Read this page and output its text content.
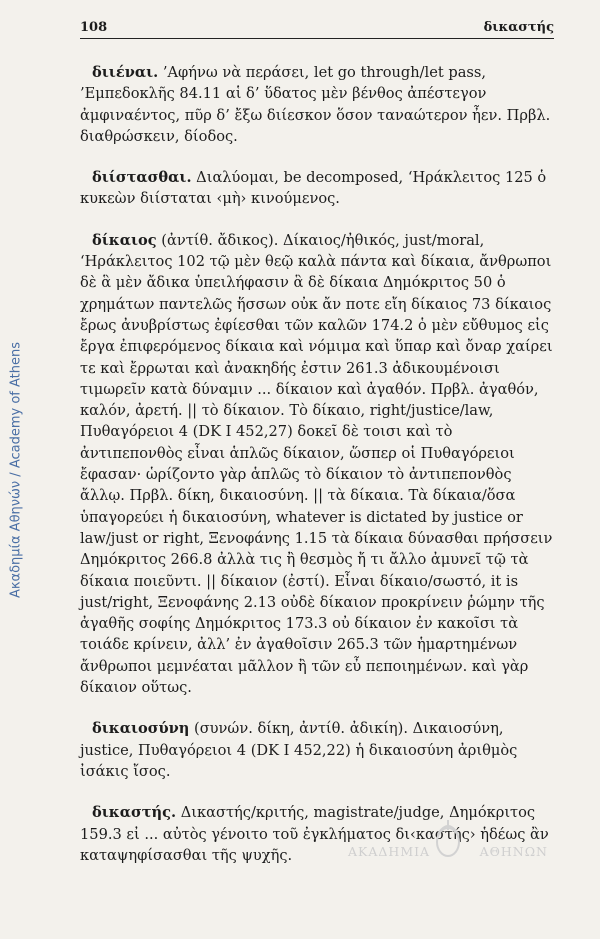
Ακαδημία Αθηνών / Academy of Athens
108	δικαστής

διιέναι. ’Αφήνω νὰ περάσει, let go through/let pass, ’Εμπεδοκλῆς 84.11 αἱ δ’ ὕδατος μὲν βένθος ἀπέστεγον ἀμφιναέντος, πῦρ δ’ ἔξω διίεσκον ὅσον ταναώτερον ἦεν. Πρβλ. διαθρώσκειν, δίοδος.

διίστασθαι. Διαλύομαι, be decomposed, ‘Ηράκλειτος 125 ὁ κυκεὼν διίσταται ‹μὴ› κινούμενος.

δίκαιος (ἀντίθ. ἄδικος). Δίκαιος/ἠθικός, just/moral, ‘Ηράκλειτος 102 τῷ μὲν θεῷ καλὰ πάντα καὶ δίκαια, ἄνθρωποι δὲ ἃ μὲν ἄδικα ὑπειλήφασιν ἃ δὲ δίκαια Δημόκριτος 50 ὁ χρημάτων παντελῶς ἥσσων οὐκ ἄν ποτε εἴη δίκαιος 73 δίκαιος ἔρως ἀνυβρίστως ἐφίεσθαι τῶν καλῶν 174.2 ὁ μὲν εὔθυμος εἰς ἔργα ἐπιφερόμενος δίκαια καὶ νόμιμα καὶ ὕπαρ καὶ ὄναρ χαίρει τε καὶ ἔρρωται καὶ ἀνακηδής ἐστιν 261.3 ἀδικουμένοισι τιμωρεῖν κατὰ δύναμιν ... δίκαιον καὶ ἀγαθόν. Πρβλ. ἀγαθόν, καλόν, ἀρετή. || τὸ δίκαιον. Τὸ δίκαιο, right/justice/law, Πυθαγόρειοι 4 (DK I 452,27) δοκεῖ δὲ τοισι καὶ τὸ ἀντιπεπονθὸς εἶναι ἁπλῶς δίκαιον, ὥσπερ οἱ Πυθαγόρειοι ἔφασαν· ὡρίζοντο γὰρ ἁπλῶς τὸ δίκαιον τὸ ἀντιπεπονθὸς ἄλλῳ. Πρβλ. δίκη, δικαιοσύνη. || τὰ δίκαια. Τὰ δίκαια/ὅσα ὑπαγορεύει ἡ δικαιοσύνη, whatever is dictated by justice or law/just or right, Ξενοφάνης 1.15 τὰ δίκαια δύνασθαι πρήσσειν Δημόκριτος 266.8 ἀλλὰ τις ἢ θεσμὸς ἤ τι ἄλλο ἀμυνεῖ τῷ τὰ δίκαια ποιεῦντι. || δίκαιον (ἐστί). Εἶναι δίκαιο/σωστό, it is just/right, Ξενοφάνης 2.13 οὐδὲ δίκαιον προκρίνειν ῥώμην τῆς ἀγαθῆς σοφίης Δημόκριτος 173.3 οὐ δίκαιον ἐν κακοῖσι τὰ τοιάδε κρίνειν, ἀλλ’ ἐν ἀγαθοῖσιν 265.3 τῶν ἡμαρτημένων ἄνθρωποι μεμνέαται μᾶλλον ἢ τῶν εὖ πεποιημένων. καὶ γὰρ δίκαιον οὕτως.

δικαιοσύνη (συνών. δίκη, ἀντίθ. ἀδικίη). Δικαιοσύνη, justice, Πυθαγόρειοι 4 (DK I 452,22) ἡ δικαιοσύνη ἀριθμὸς ἰσάκις ἴσος.

δικαστής. Δικαστής/κριτής, magistrate/judge, Δημόκριτος 159.3 εἰ ... αὐτὸς γένοιτο τοῦ ἐγκλήματος δι‹καστής› ἡδέως ἂν καταψηφίσασθαι τῆς ψυχῆς.	ΑΚΑΔΗΜΙΑ	ΑΘΗΝΩΝ
